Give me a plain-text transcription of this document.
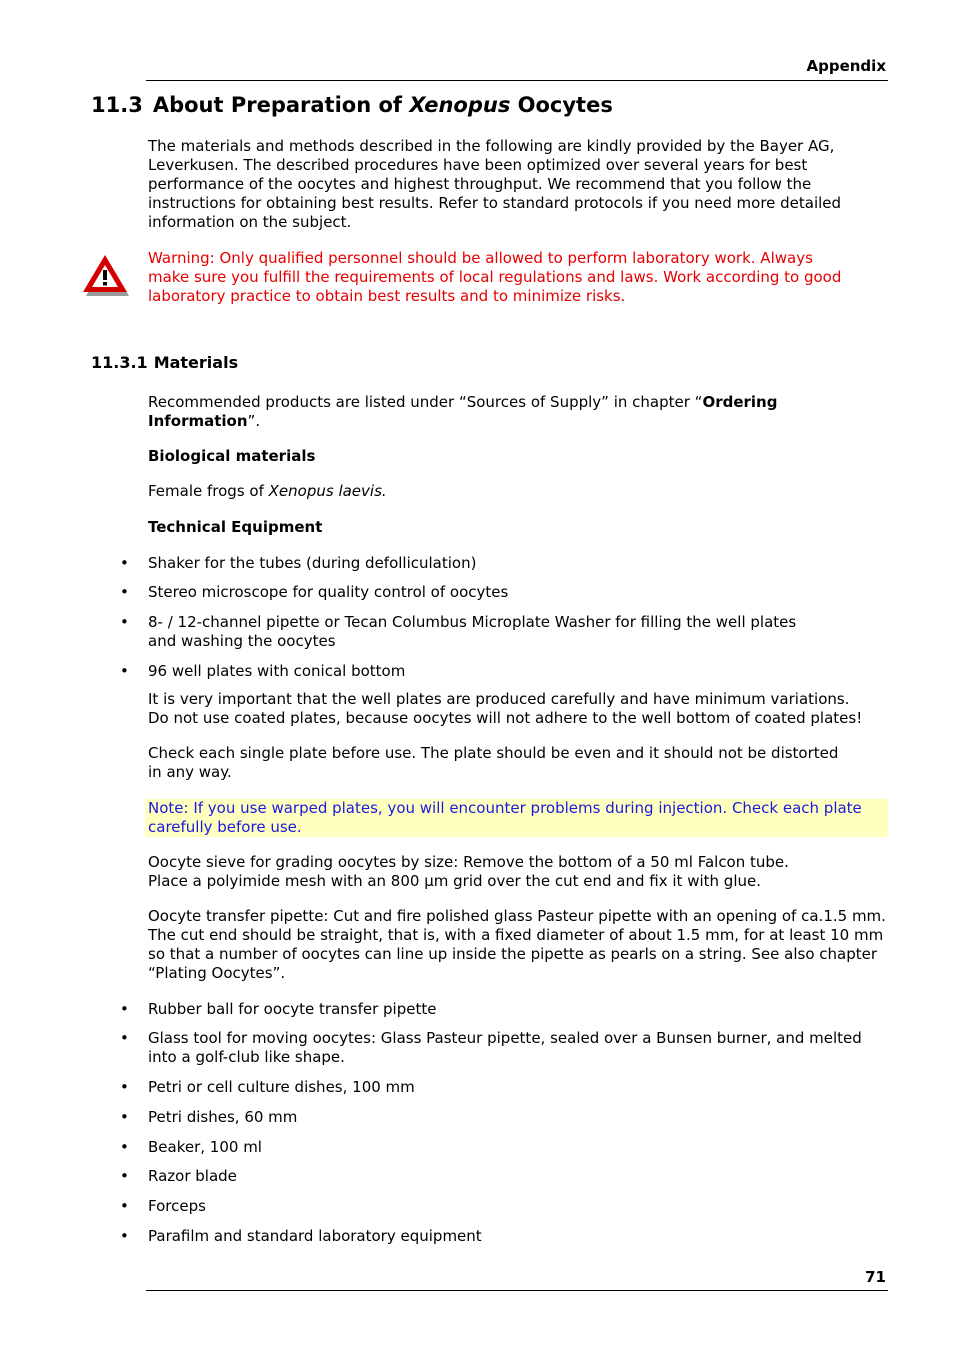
Appendix
11.3 About Preparation of Xenopus Oocytes
The materials and methods described in the following are kindly provided by the Bayer AG,
Leverkusen. The described procedures have been optimized over several years for best
performance of the oocytes and highest throughput. We recommend that you follow the
instructions for obtaining best results. Refer to standard protocols if you need more detailed
information on the subject.
Warning: Only qualified personnel should be allowed to perform laboratory work. Always
make sure you fulfill the requirements of local regulations and laws. Work according to good
laboratory practice to obtain best results and to minimize risks.
11.3.1 Materials
Recommended products are listed under “Sources of Supply” in chapter “Ordering
Information”.
Biological materials
Female frogs of Xenopus laevis.
Technical Equipment
•	Shaker for the tubes (during defolliculation)
•	Stereo microscope for quality control of oocytes
•	8- / 12-channel pipette or Tecan Columbus Microplate Washer for filling the well plates
and washing the oocytes
•	96 well plates with conical bottom
It is very important that the well plates are produced carefully and have minimum variations.
Do not use coated plates, because oocytes will not adhere to the well bottom of coated plates!
Check each single plate before use. The plate should be even and it should not be distorted
in any way.
Note: If you use warped plates, you will encounter problems during injection. Check each plate
carefully before use.
Oocyte sieve for grading oocytes by size: Remove the bottom of a 50 ml Falcon tube.
Place a polyimide mesh with an 800 µm grid over the cut end and fix it with glue.
Oocyte transfer pipette: Cut and fire polished glass Pasteur pipette with an opening of ca.1.5 mm.
The cut end should be straight, that is, with a fixed diameter of about 1.5 mm, for at least 10 mm
so that a number of oocytes can line up inside the pipette as pearls on a string. See also chapter
“Plating Oocytes”.
•	Rubber ball for oocyte transfer pipette
•	Glass tool for moving oocytes: Glass Pasteur pipette, sealed over a Bunsen burner, and melted
into a golf-club like shape.
•	Petri or cell culture dishes, 100 mm
•	Petri dishes, 60 mm
•	Beaker, 100 ml
•	Razor blade
•	Forceps
•	Parafilm and standard laboratory equipment
71
